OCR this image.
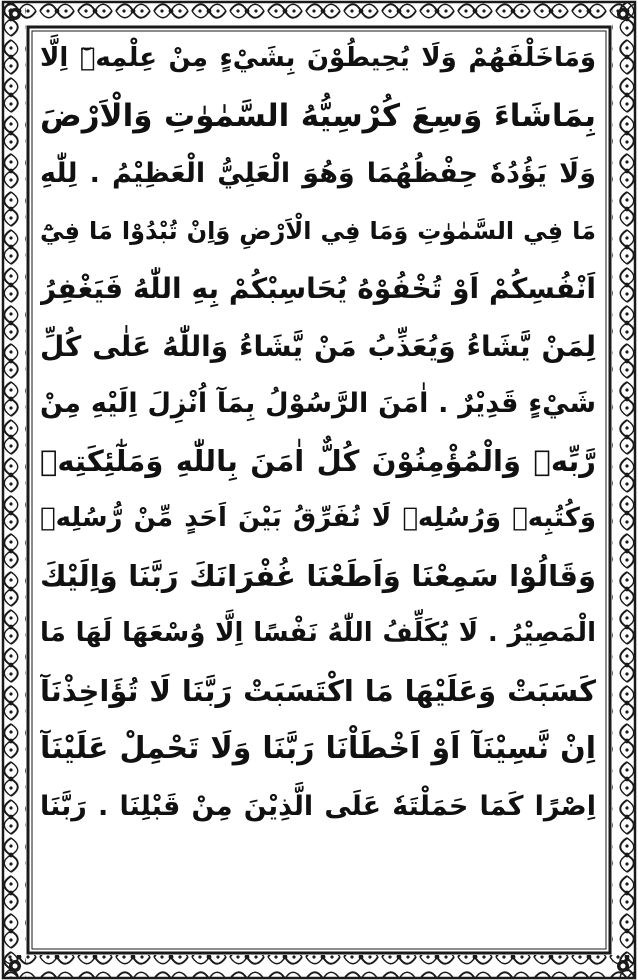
وَمَاخَلْفَهُمْ وَلَا يُحِيطُوْنَ بِشَيْءٍ مِنْ عِلْمِهٖٓ اِلَّا
بِمَاشَاءَ وَسِعَ كُرْسِيُّهُ السَّمٰوٰتِ وَالْاَرْضَ
وَلَا يَؤُدُهٗ حِفْظُهُمَا وَهُوَ الْعَلِيُّ الْعَظِيْمُ . لِلّٰهِ
مَا فِي السَّمٰوٰتِ وَمَا فِي الْاَرْضِ وَاِنْ تُبْدُوْا مَا فِيْٓ
اَنْفُسِكُمْ اَوْ تُخْفُوْهُ يُحَاسِبْكُمْ بِهِ اللّٰهُ فَيَغْفِرُ
لِمَنْ يَّشَاءُ وَيُعَذِّبُ مَنْ يَّشَاءُ وَاللّٰهُ عَلٰى كُلِّ
شَيْءٍ قَدِيْرٌ . اٰمَنَ الرَّسُوْلُ بِمَآ اُنْزِلَ اِلَيْهِ مِنْ
رَّبِّهٖ وَالْمُؤْمِنُوْنَ كُلٌّ اٰمَنَ بِاللّٰهِ وَمَلٰٓئِكَتِهٖ
وَكُتُبِهٖ وَرُسُلِهٖ لَا نُفَرِّقُ بَيْنَ اَحَدٍ مِّنْ رُّسُلِهٖ
وَقَالُوْا سَمِعْنَا وَاَطَعْنَا غُفْرَانَكَ رَبَّنَا وَاِلَيْكَ
الْمَصِيْرُ . لَا يُكَلِّفُ اللّٰهُ نَفْسًا اِلَّا وُسْعَهَا لَهَا مَا
كَسَبَتْ وَعَلَيْهَا مَا اكْتَسَبَتْ رَبَّنَا لَا تُؤَاخِذْنَآ
اِنْ نَّسِيْنَآ اَوْ اَخْطَاْنَا رَبَّنَا وَلَا تَحْمِلْ عَلَيْنَآ
اِصْرًا كَمَا حَمَلْتَهٗ عَلَى الَّذِيْنَ مِنْ قَبْلِنَا . رَبَّنَا
